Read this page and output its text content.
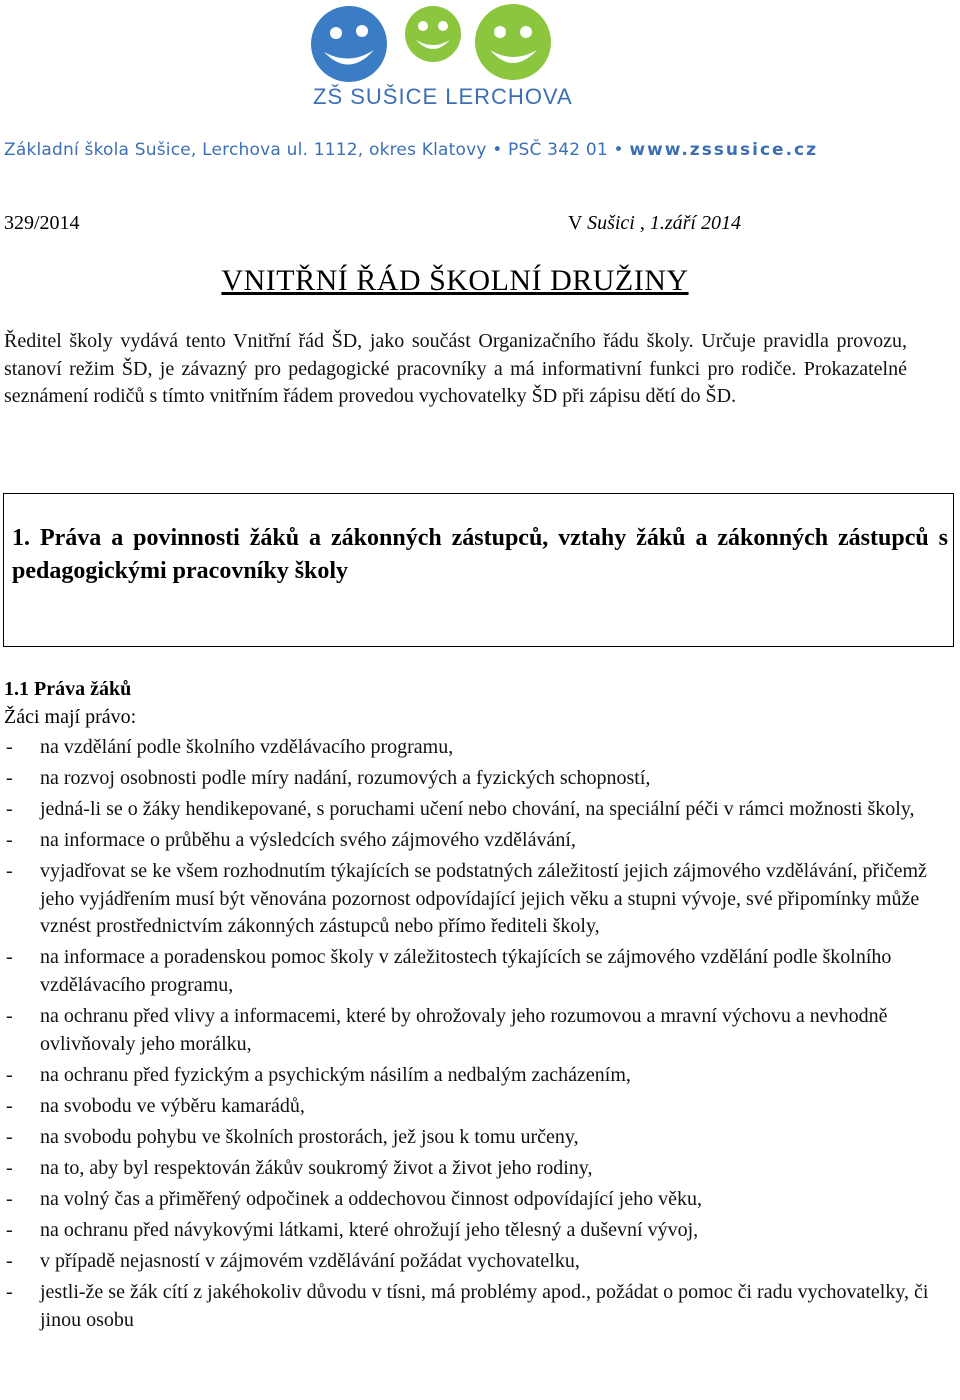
ZŠ SUŠICE LERCHOVA
Základní škola Sušice, Lerchova ul. 1112, okres Klatovy • PSČ 342 01 • www.zssusice.cz
329/2014	V Sušici , 1.září 2014
VNITŘNÍ ŘÁD ŠKOLNÍ DRUŽINY
Ředitel školy vydává tento Vnitřní řád ŠD, jako součást Organizačního řádu školy. Určuje pravidla provozu, stanoví režim ŠD, je závazný pro pedagogické pracovníky a má informativní funkci pro rodiče. Prokazatelné seznámení rodičů s tímto vnitřním řádem provedou vychovatelky ŠD při zápisu dětí do ŠD.
1. Práva a povinnosti žáků a zákonných zástupců, vztahy žáků a zákonných zástupců s pedagogickými pracovníky školy
1.1 Práva žáků
Žáci mají právo:
- na vzdělání podle školního vzdělávacího programu,
- na rozvoj osobnosti podle míry nadání, rozumových a fyzických schopností,
- jedná-li se o žáky hendikepované, s poruchami učení nebo chování, na speciální péči v rámci možnosti školy,
- na informace o průběhu a výsledcích svého zájmového vzdělávání,
- vyjadřovat se ke všem rozhodnutím týkajících se podstatných záležitostí jejich zájmového vzdělávání, přičemž jeho vyjádřením musí být věnována pozornost odpovídající jejich věku a stupni vývoje, své připomínky může vznést prostřednictvím zákonných zástupců nebo přímo řediteli školy,
- na informace a poradenskou pomoc školy v záležitostech týkajících se zájmového vzdělání podle školního vzdělávacího programu,
- na ochranu před vlivy a informacemi, které by ohrožovaly jeho rozumovou a mravní výchovu a nevhodně ovlivňovaly jeho morálku,
- na ochranu před fyzickým a psychickým násilím a nedbalým zacházením,
- na svobodu ve výběru kamarádů,
- na svobodu pohybu ve školních prostorách, jež jsou k tomu určeny,
- na to, aby byl respektován žákův soukromý život a život jeho rodiny,
- na volný čas a přiměřený odpočinek a oddechovou činnost odpovídající jeho věku,
- na ochranu před návykovými látkami, které ohrožují jeho tělesný a duševní vývoj,
- v případě nejasností v zájmovém vzdělávání požádat vychovatelku,
- jestli-že se žák cítí z jakéhokoliv důvodu v tísni, má problémy apod., požádat o pomoc či radu vychovatelky, či jinou osobu
